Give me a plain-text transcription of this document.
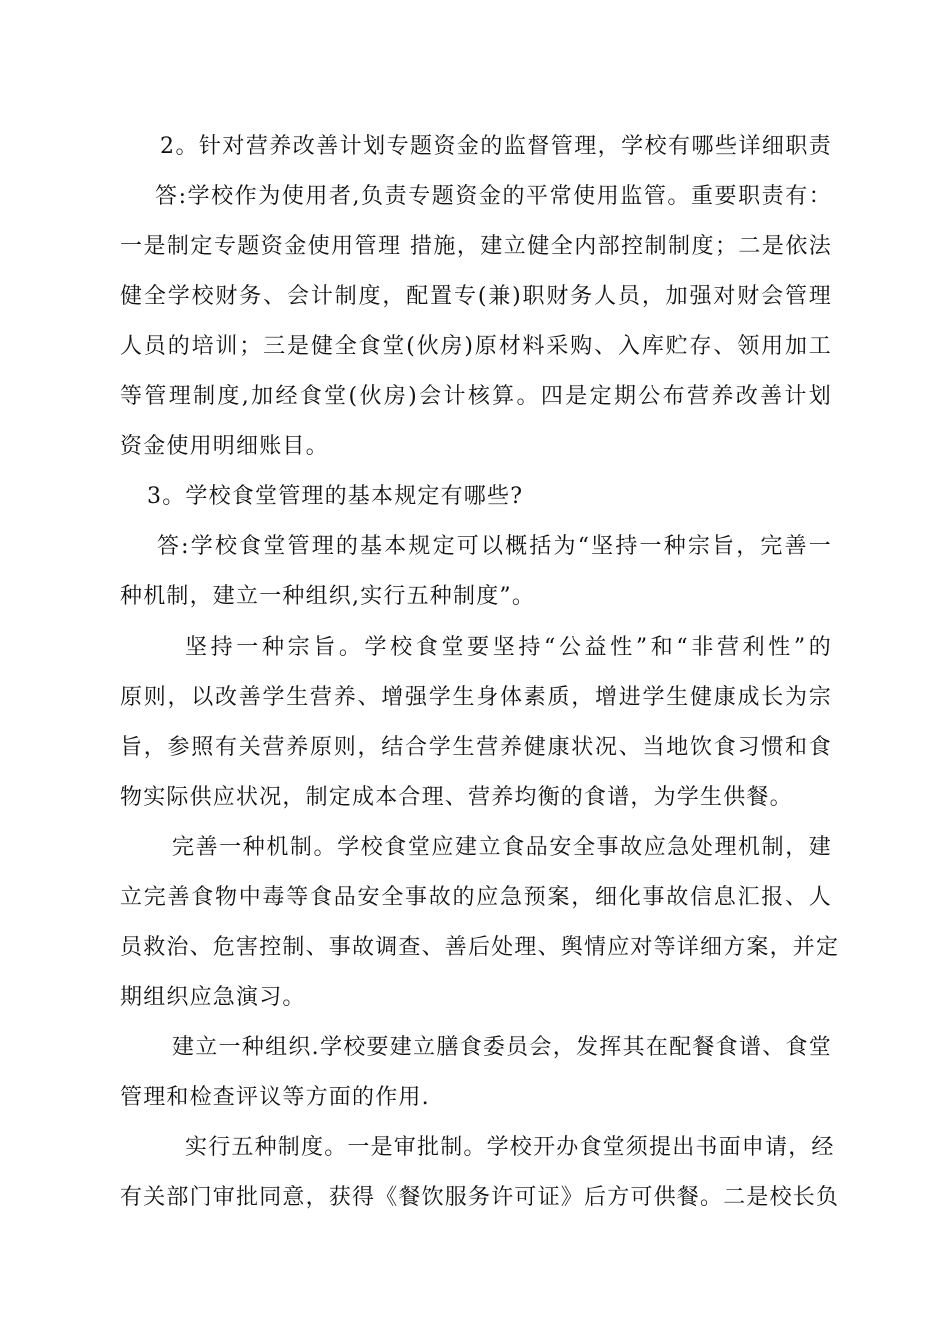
2。针对营养改善计划专题资金的监督管理，学校有哪些详细职责
答:学校作为使用者,负责专题资金的平常使用监管。重要职责有：
一是制定专题资金使用管理 措施，建立健全内部控制制度；二是依法
健全学校财务、会计制度，配置专(兼)职财务人员，加强对财会管理
人员的培训；三是健全食堂(伙房)原材料采购、入库贮存、领用加工
等管理制度,加经食堂(伙房)会计核算。四是定期公布营养改善计划
资金使用明细账目。
3。学校食堂管理的基本规定有哪些?
答:学校食堂管理的基本规定可以概括为“坚持一种宗旨，完善一
种机制，建立一种组织,实行五种制度”。
坚持一种宗旨。学校食堂要坚持“公益性”和“非营利性”的
原则，以改善学生营养、增强学生身体素质，增进学生健康成长为宗
旨，参照有关营养原则，结合学生营养健康状况、当地饮食习惯和食
物实际供应状况，制定成本合理、营养均衡的食谱，为学生供餐。
完善一种机制。学校食堂应建立食品安全事故应急处理机制，建
立完善食物中毒等食品安全事故的应急预案，细化事故信息汇报、人
员救治、危害控制、事故调查、善后处理、舆情应对等详细方案，并定
期组织应急演习。
建立一种组织.学校要建立膳食委员会，发挥其在配餐食谱、食堂
管理和检查评议等方面的作用.
实行五种制度。一是审批制。学校开办食堂须提出书面申请，经
有关部门审批同意，获得《餐饮服务许可证》后方可供餐。二是校长负
